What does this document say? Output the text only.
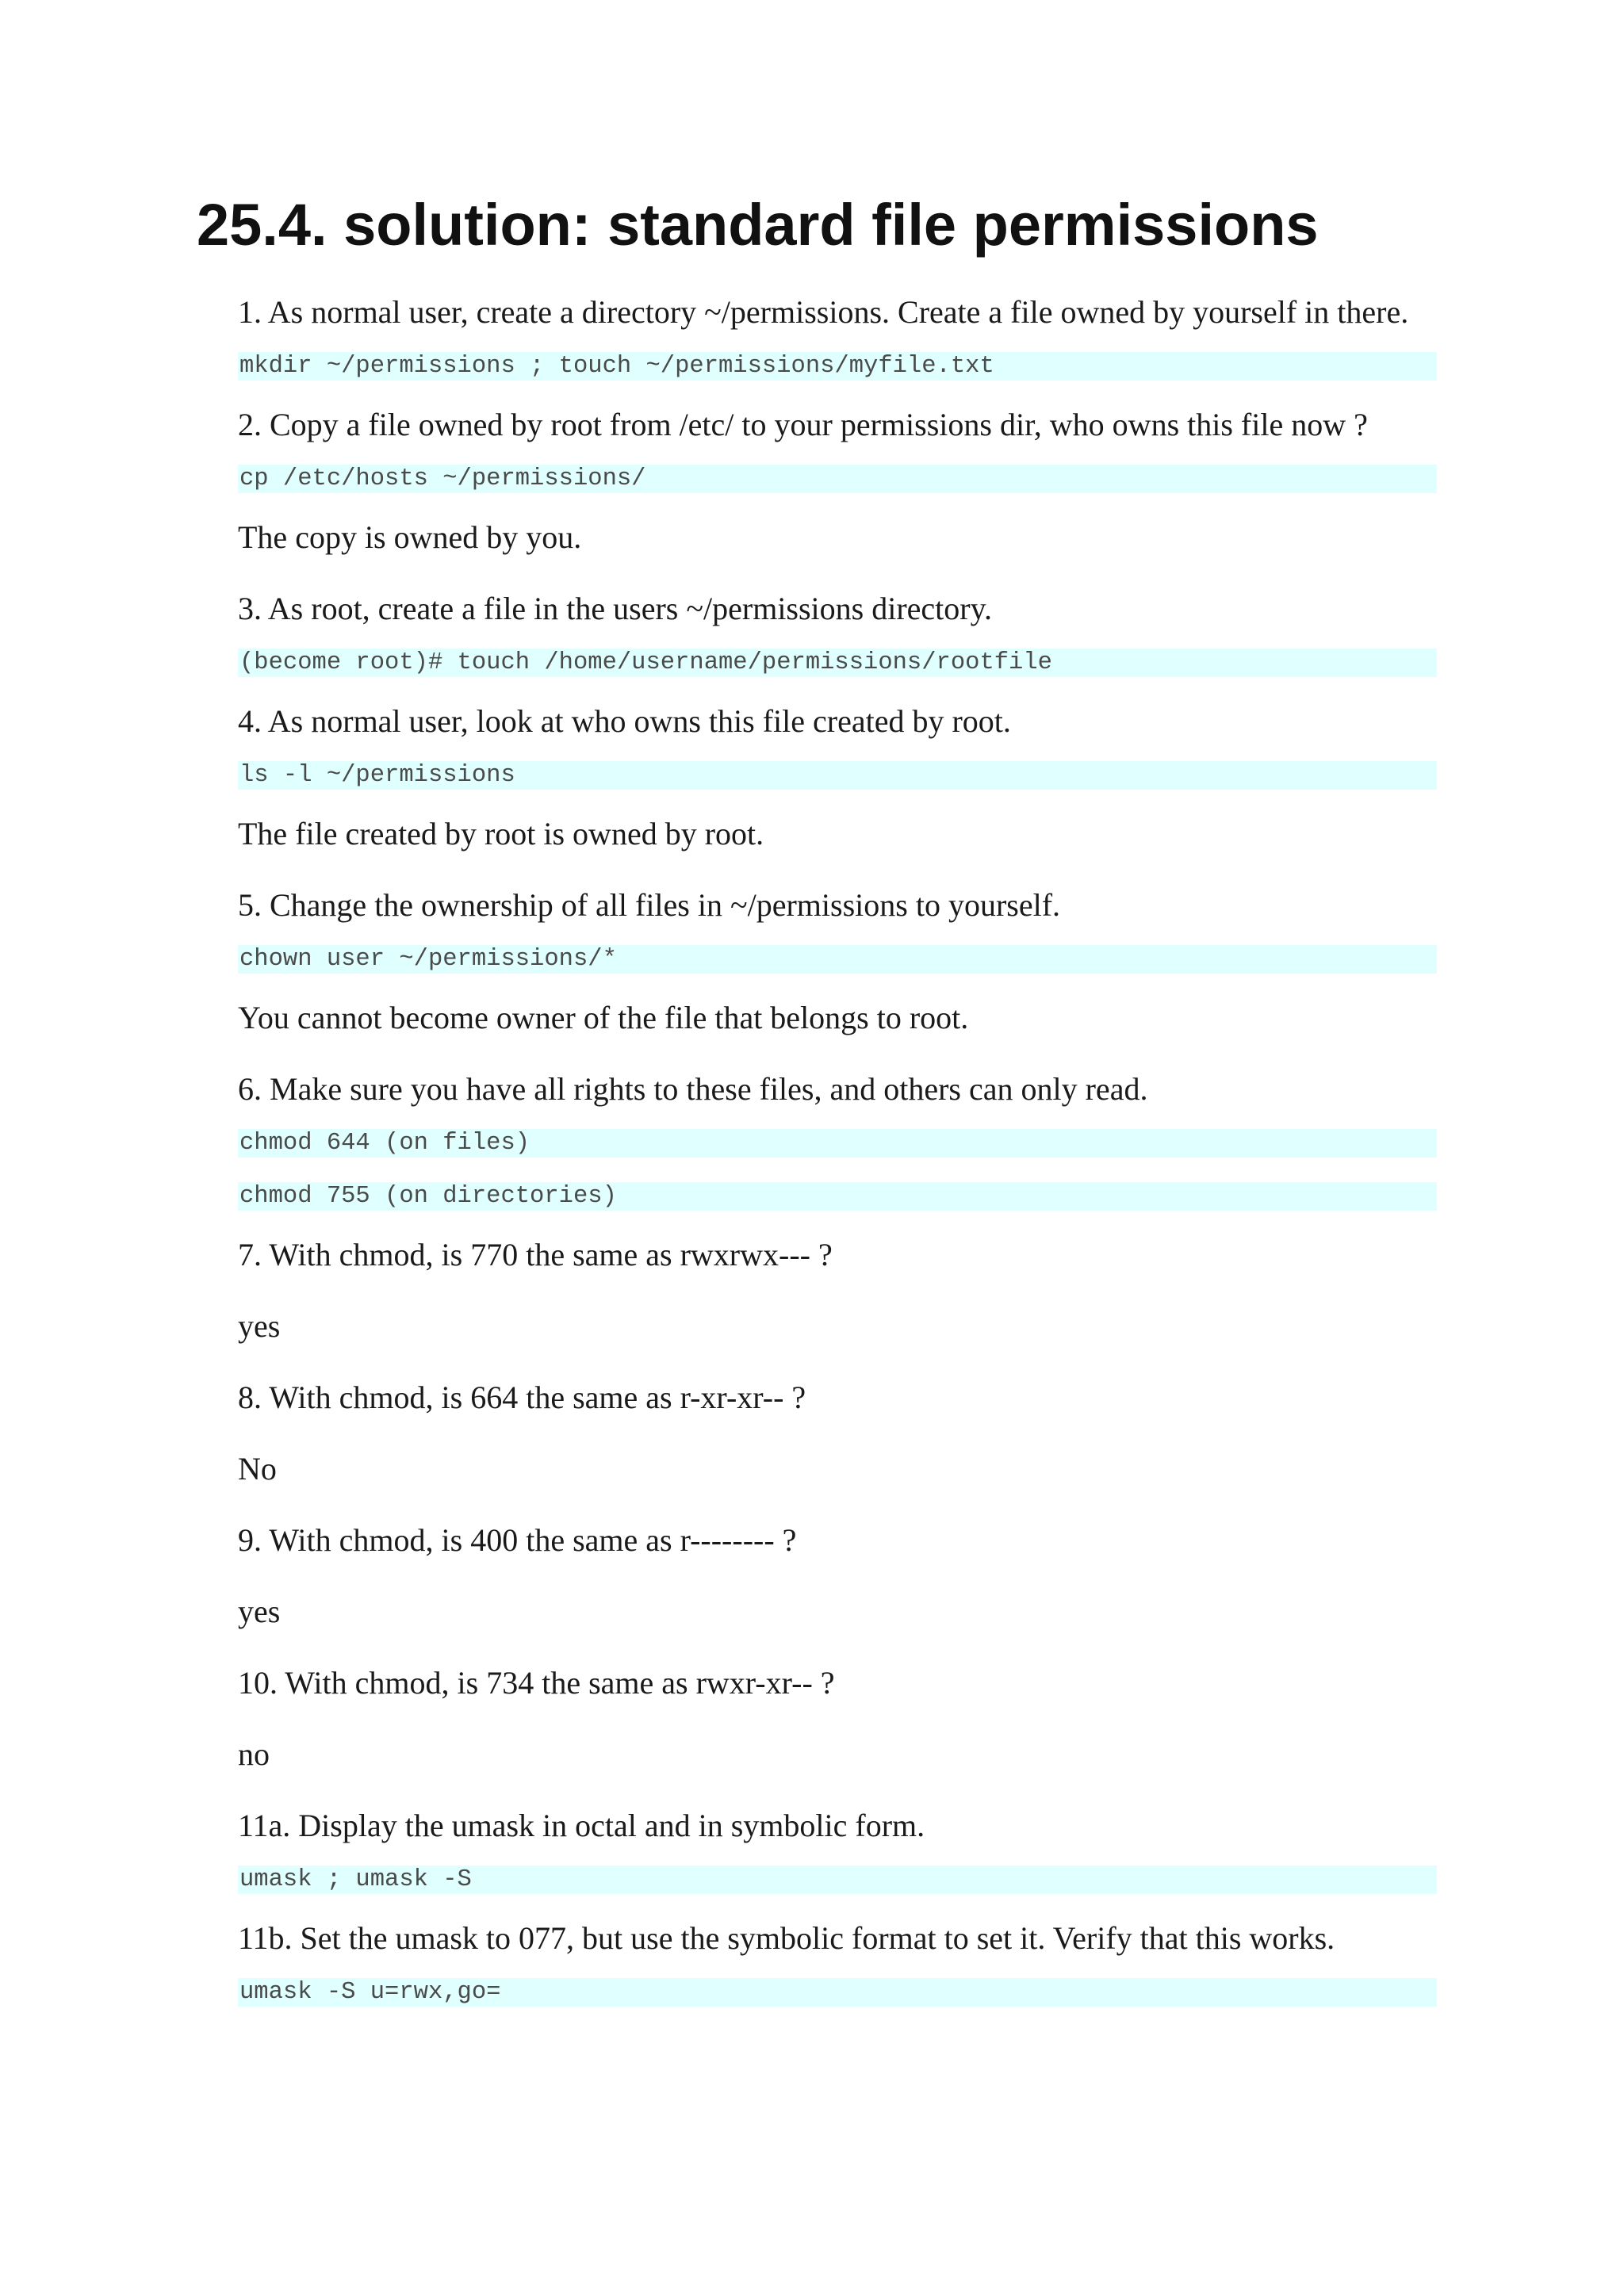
25.4. solution: standard file permissions

1. As normal user, create a directory ~/permissions. Create a file owned by yourself in there.

mkdir ~/permissions ; touch ~/permissions/myfile.txt

2. Copy a file owned by root from /etc/ to your permissions dir, who owns this file now ?

cp /etc/hosts ~/permissions/

The copy is owned by you.

3. As root, create a file in the users ~/permissions directory.

(become root)# touch /home/username/permissions/rootfile

4. As normal user, look at who owns this file created by root.

ls -l ~/permissions

The file created by root is owned by root.

5. Change the ownership of all files in ~/permissions to yourself.

chown user ~/permissions/*

You cannot become owner of the file that belongs to root.

6. Make sure you have all rights to these files, and others can only read.

chmod 644 (on files)
chmod 755 (on directories)

7. With chmod, is 770 the same as rwxrwx--- ?

yes

8. With chmod, is 664 the same as r-xr-xr-- ?

No

9. With chmod, is 400 the same as r-------- ?

yes

10. With chmod, is 734 the same as rwxr-xr-- ?

no

11a. Display the umask in octal and in symbolic form.

umask ; umask -S

11b. Set the umask to 077, but use the symbolic format to set it. Verify that this works.

umask -S u=rwx,go=
